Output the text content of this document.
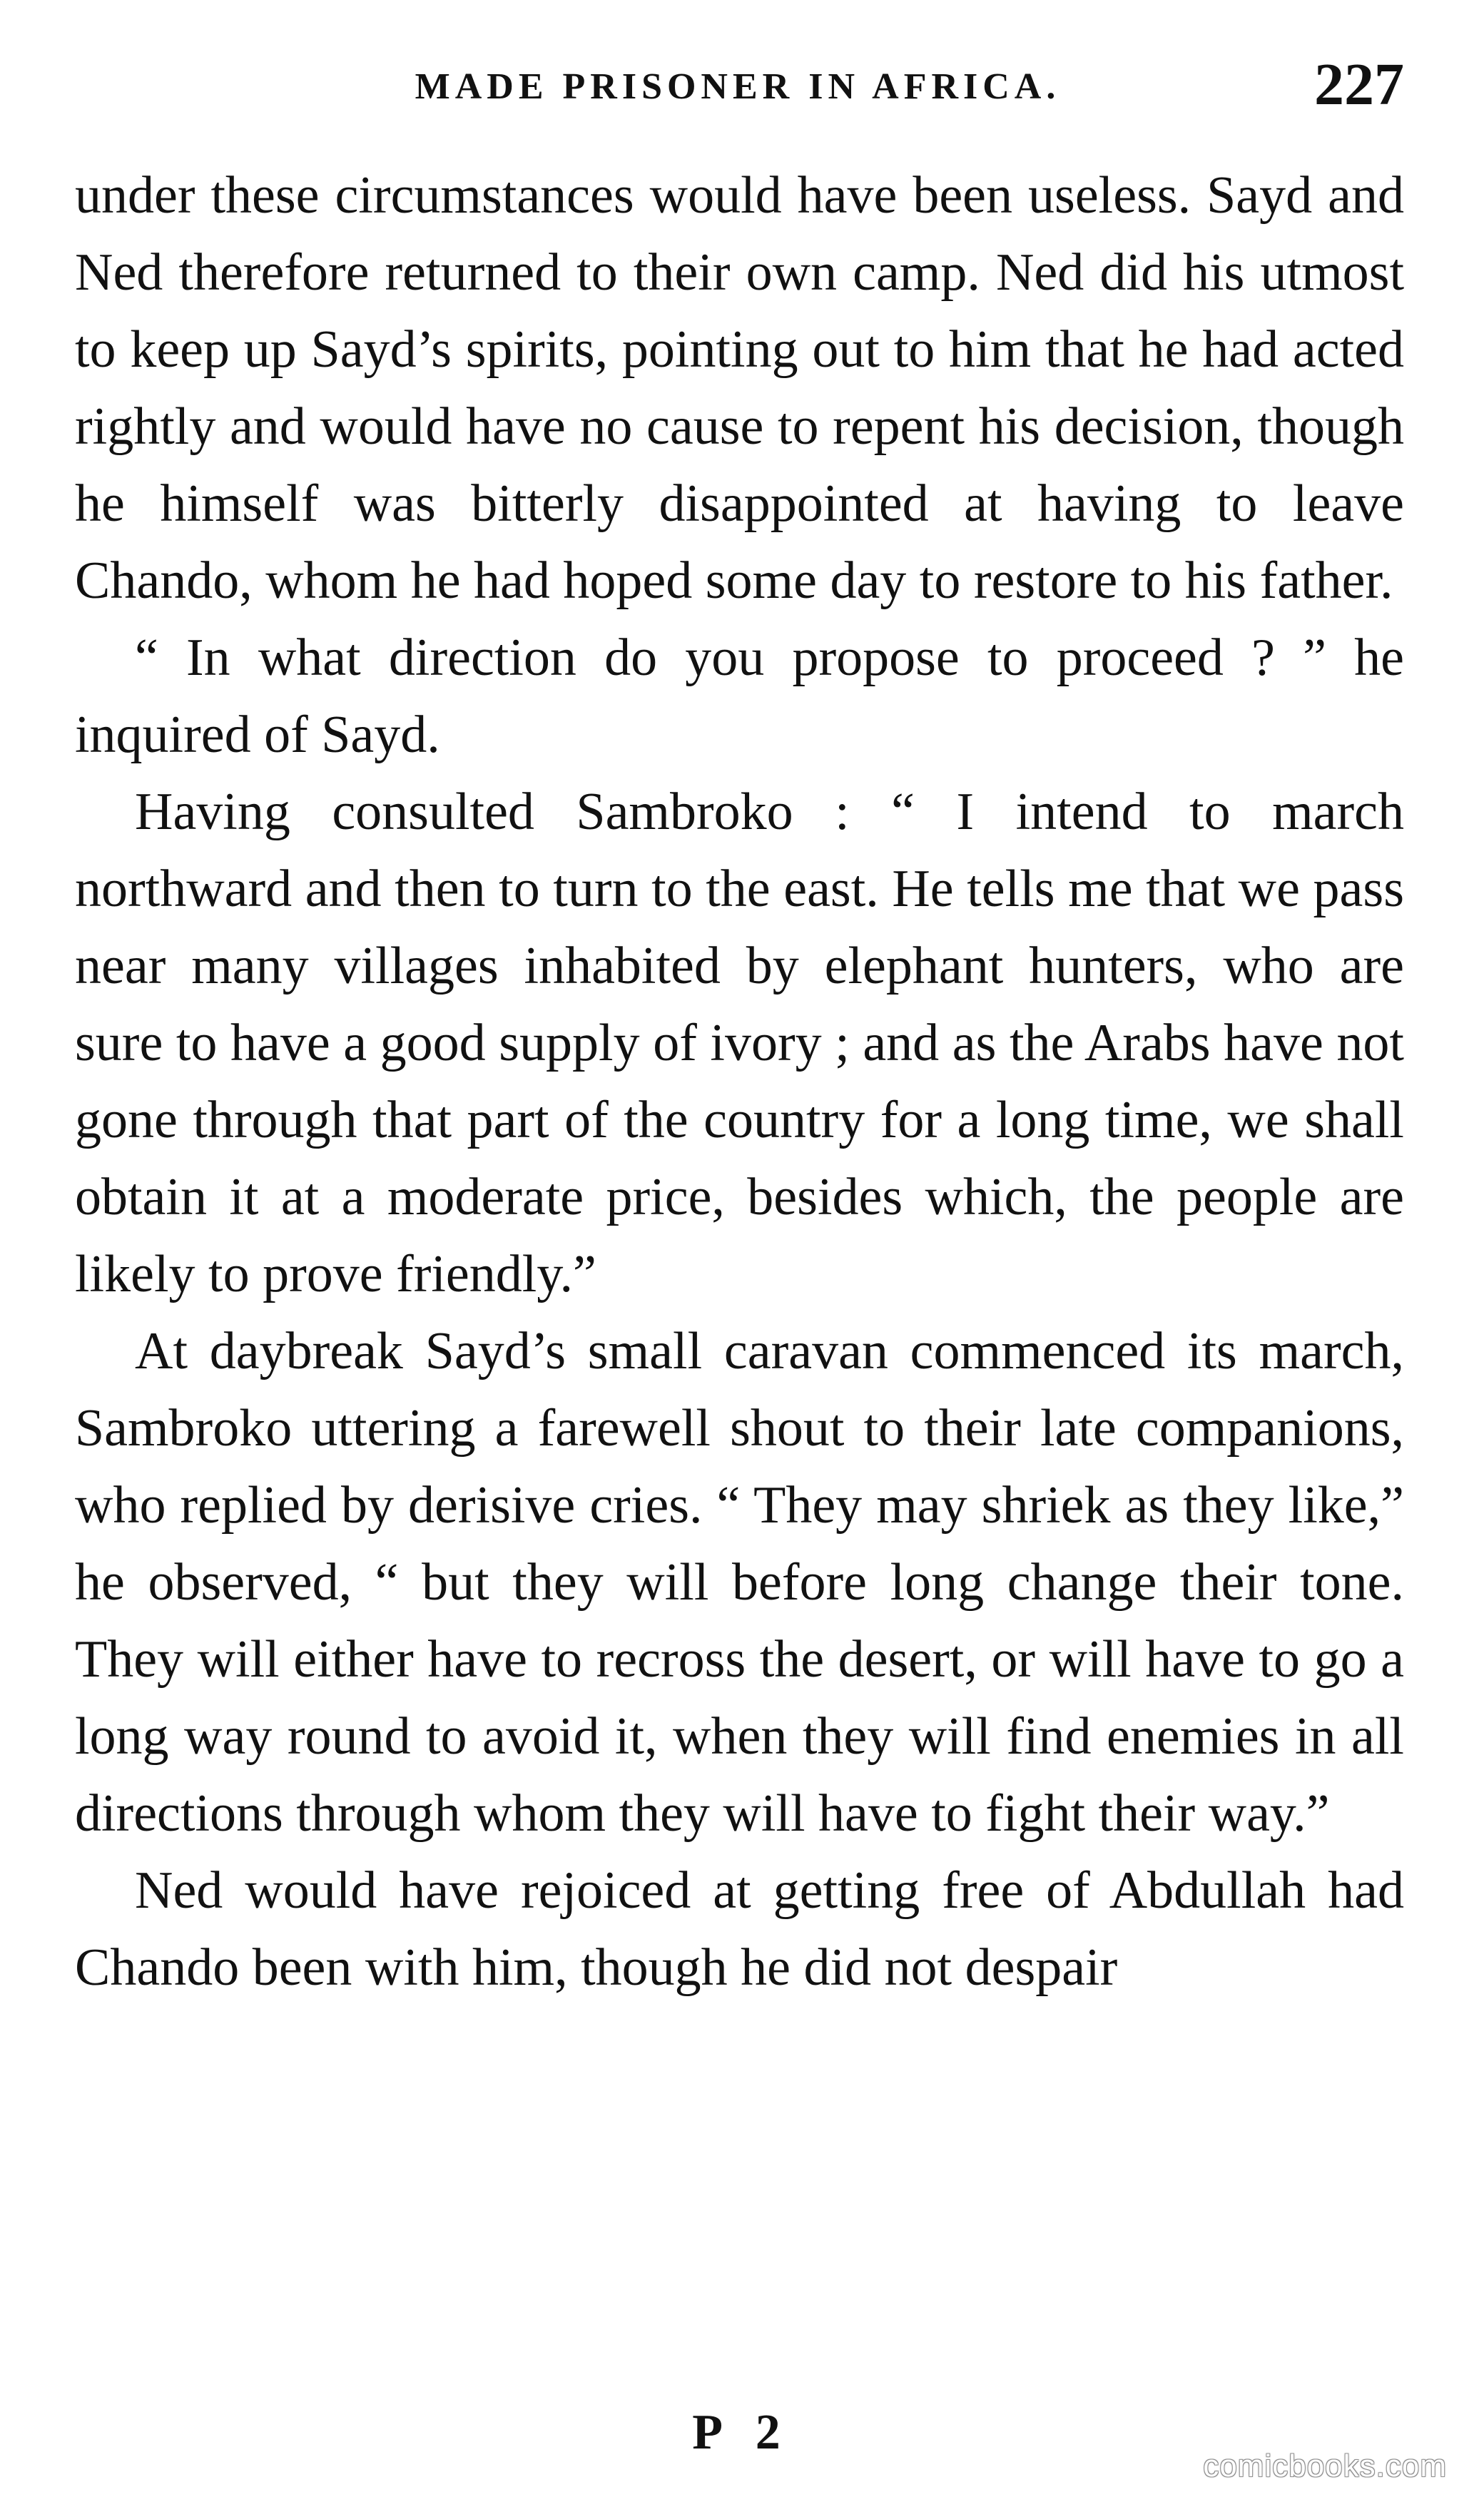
MADE PRISONER IN AFRICA.	227

under these circumstances would have been useless. Sayd and Ned therefore returned to their own camp. Ned did his utmost to keep up Sayd’s spirits, pointing out to him that he had acted rightly and would have no cause to repent his decision, though he himself was bitterly disappointed at having to leave Chando, whom he had hoped some day to restore to his father.

“ In what direction do you propose to proceed ? ” he inquired of Sayd.

Having consulted Sambroko : “ I intend to march northward and then to turn to the east. He tells me that we pass near many villages inhabited by elephant hunters, who are sure to have a good supply of ivory ; and as the Arabs have not gone through that part of the country for a long time, we shall obtain it at a moderate price, besides which, the people are likely to prove friendly.”

At daybreak Sayd’s small caravan commenced its march, Sambroko uttering a farewell shout to their late companions, who replied by derisive cries. “ They may shriek as they like,” he observed, “ but they will before long change their tone. They will either have to recross the desert, or will have to go a long way round to avoid it, when they will find enemies in all directions through whom they will have to fight their way.”

Ned would have rejoiced at getting free of Abdullah had Chando been with him, though he did not despair

P 2
comicbooks.com
